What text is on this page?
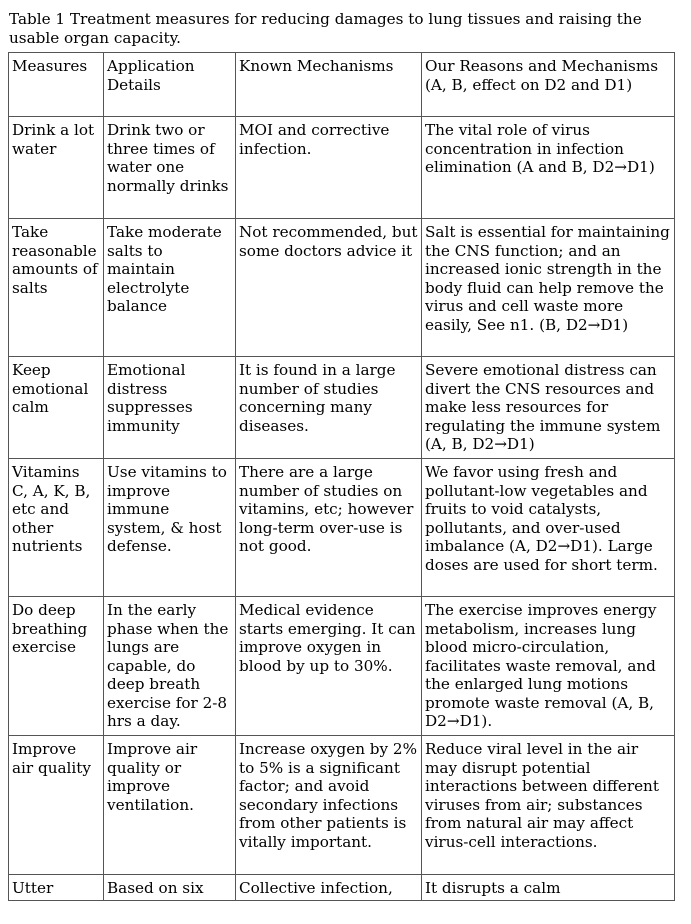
Table 1 Treatment measures for reducing damages to lung tissues and raising the usable organ capacity.
Measures	Application Details	Known Mechanisms	Our Reasons and Mechanisms (A, B, effect on D2 and D1)
Drink a lot water	Drink two or three times of water one normally drinks	MOI and corrective infection.	The vital role of virus concentration in infection elimination (A and B, D2→D1)
Take reasonable amounts of salts	Take moderate salts to maintain electrolyte balance	Not recommended, but some doctors advice it	Salt is essential for maintaining the CNS function; and an increased ionic strength in the body fluid can help remove the virus and cell waste more easily, See n1. (B, D2→D1)
Keep emotional calm	Emotional distress suppresses immunity	It is found in a large number of studies concerning many diseases.	Severe emotional distress can divert the CNS resources and make less resources for regulating the immune system (A, B, D2→D1)
Vitamins C, A, K, B, etc and other nutrients	Use vitamins to improve immune system, & host defense.	There are a large number of studies on vitamins, etc; however long-term over-use is not good.	We favor using fresh and pollutant-low vegetables and fruits to void catalysts, pollutants, and over-used imbalance (A, D2→D1). Large doses are used for short term.
Do deep breathing exercise	In the early phase when the lungs are capable, do deep breath exercise for 2-8 hrs a day.	Medical evidence starts emerging. It can improve oxygen in blood by up to 30%.	The exercise improves energy metabolism, increases lung blood micro-circulation, facilitates waste removal, and the enlarged lung motions promote waste removal (A, B, D2→D1).
Improve air quality	Improve air quality or improve ventilation.	Increase oxygen by 2% to 5% is a significant factor; and avoid secondary infections from other patients is vitally important.	Reduce viral level in the air may disrupt potential interactions between different viruses from air; substances from natural air may affect virus-cell interactions.
Utter	Based on six	Collective infection,	It disrupts a calm
